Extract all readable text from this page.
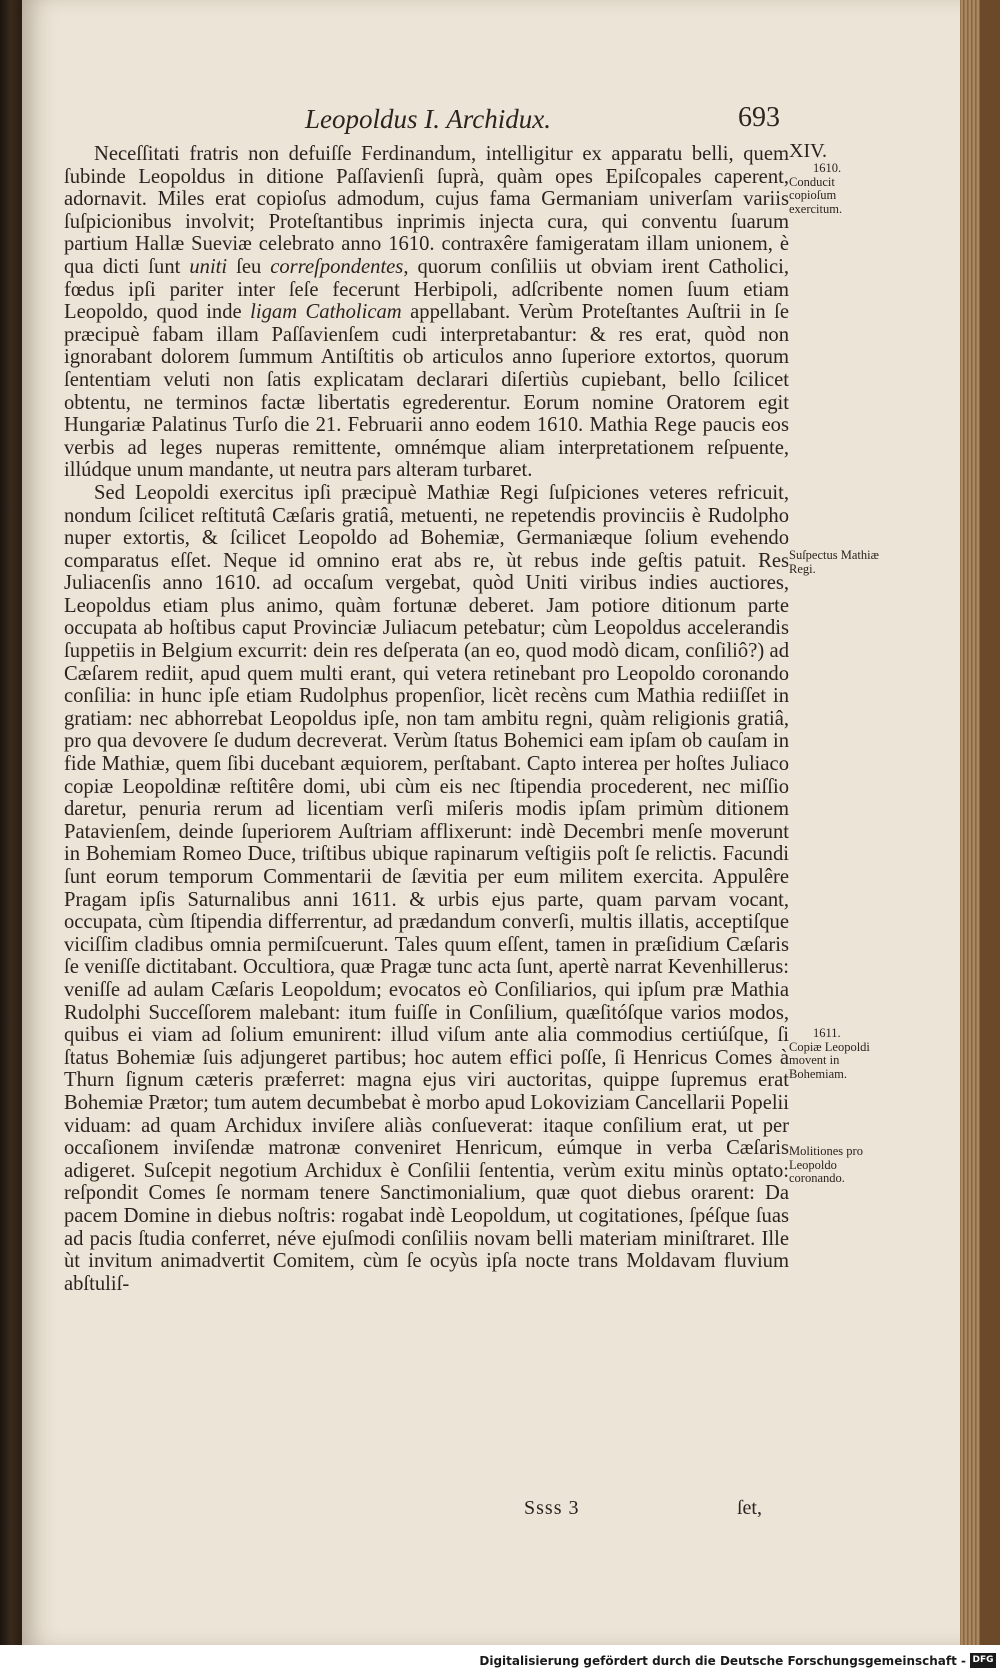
Leopoldus I. Archidux.	693

Neceſſitati fratris non defuiſſe Ferdinandum, intelligitur ex apparatu belli, quem ſubinde Leopoldus in ditione Paſſavienſi ſuprà, quàm opes Epiſcopales caperent, adornavit. Miles erat copioſus admodum, cujus fama Germaniam univerſam variis ſuſpicionibus involvit; Proteſtantibus inprimis injecta cura, qui conventu ſuarum partium Hallæ Sueviæ celebrato anno 1610. contraxêre famigeratam illam unionem, è qua dicti ſunt uniti ſeu correſpondentes, quorum conſiliis ut obviam irent Catholici, fœdus ipſi pariter inter ſeſe fecerunt Herbipoli, adſcribente nomen ſuum etiam Leopoldo, quod inde ligam Catholicam appellabant. Verùm Proteſtantes Auſtrii in ſe præcipuè fabam illam Paſſavienſem cudi interpretabantur: & res erat, quòd non ignorabant dolorem ſummum Antiſtitis ob articulos anno ſuperiore extortos, quorum ſententiam veluti non ſatis explicatam declarari diſertiùs cupiebant, bello ſcilicet obtentu, ne terminos factæ libertatis egrederentur. Eorum nomine Oratorem egit Hungariæ Palatinus Turſo die 21. Februarii anno eodem 1610. Mathia Rege paucis eos verbis ad leges nuperas remittente, omnémque aliam interpretationem reſpuente, illúdque unum mandante, ut neutra pars alteram turbaret.

Sed Leopoldi exercitus ipſi præcipuè Mathiæ Regi ſuſpiciones veteres refricuit, nondum ſcilicet reſtitutâ Cæſaris gratiâ, metuenti, ne repetendis provinciis è Rudolpho nuper extortis, & ſcilicet Leopoldo ad Bohemiæ, Germaniæque ſolium evehendo comparatus eſſet. Neque id omnino erat abs re, ùt rebus inde geſtis patuit. Res Juliacenſis anno 1610. ad occaſum vergebat, quòd Uniti viribus indies auctiores, Leopoldus etiam plus animo, quàm fortunæ deberet. Jam potiore ditionum parte occupata ab hoſtibus caput Provinciæ Juliacum petebatur; cùm Leopoldus accelerandis ſuppetiis in Belgium excurrit: dein res deſperata (an eo, quod modò dicam, conſiliô?) ad Cæſarem rediit, apud quem multi erant, qui vetera retinebant pro Leopoldo coronando conſilia: in hunc ipſe etiam Rudolphus propenſior, licèt recèns cum Mathia rediiſſet in gratiam: nec abhorrebat Leopoldus ipſe, non tam ambitu regni, quàm religionis gratiâ, pro qua devovere ſe dudum decreverat. Verùm ſtatus Bohemici eam ipſam ob cauſam in fide Mathiæ, quem ſibi ducebant æquiorem, perſtabant. Capto interea per hoſtes Juliaco copiæ Leopoldinæ reſtitêre domi, ubi cùm eis nec ſtipendia procederent, nec miſſio daretur, penuria rerum ad licentiam verſi miſeris modis ipſam primùm ditionem Patavienſem, deinde ſuperiorem Auſtriam afflixerunt: indè Decembri menſe moverunt in Bohemiam Romeo Duce, triſtibus ubique rapinarum veſtigiis poſt ſe relictis. Facundi ſunt eorum temporum Commentarii de ſævitia per eum militem exercita. Appulêre Pragam ipſis Saturnalibus anni 1611. & urbis ejus parte, quam parvam vocant, occupata, cùm ſtipendia differrentur, ad prædandum converſi, multis illatis, acceptiſque viciſſim cladibus omnia permiſcuerunt. Tales quum eſſent, tamen in præſidium Cæſaris ſe veniſſe dictitabant. Occultiora, quæ Pragæ tunc acta ſunt, apertè narrat Kevenhillerus: veniſſe ad aulam Cæſaris Leopoldum; evocatos eò Conſiliarios, qui ipſum præ Mathia Rudolphi Succeſſorem malebant: itum fuiſſe in Conſilium, quæſitóſque varios modos, quibus ei viam ad ſolium emunirent: illud viſum ante alia commodius certiúſque, ſi ſtatus Bohemiæ ſuis adjungeret partibus; hoc autem effici poſſe, ſi Henricus Comes à Thurn ſignum cæteris præferret: magna ejus viri auctoritas, quippe ſupremus erat Bohemiæ Prætor; tum autem decumbebat è morbo apud Lokoviziam Cancellarii Popelii viduam: ad quam Archidux inviſere aliàs conſueverat: itaque conſilium erat, ut per occaſionem inviſendæ matronæ conveniret Henricum, eúmque in verba Cæſaris adigeret. Suſcepit negotium Archidux è Conſilii ſententia, verùm exitu minùs optato: reſpondit Comes ſe normam tenere Sanctimonialium, quæ quot diebus orarent: Da pacem Domine in diebus noſtris: rogabat indè Leopoldum, ut cogitationes, ſpéſque ſuas ad pacis ſtudia conferret, néve ejuſmodi conſiliis novam belli materiam miniſtraret. Ille ùt invitum animadvertit Comitem, cùm ſe ocyùs ipſa nocte trans Moldavam fluvium abſtuliſ-

XIV.
1610.
Conducit copioſum exercitum.
Suſpectus Mathiæ Regi.
1611.
Copiæ Leopoldi movent in Bohemiam.
Molitiones pro Leopoldo coronando.
Ssss 3	ſet,
Digitalisierung gefördert durch die Deutsche Forschungsgemeinschaft - DFG
